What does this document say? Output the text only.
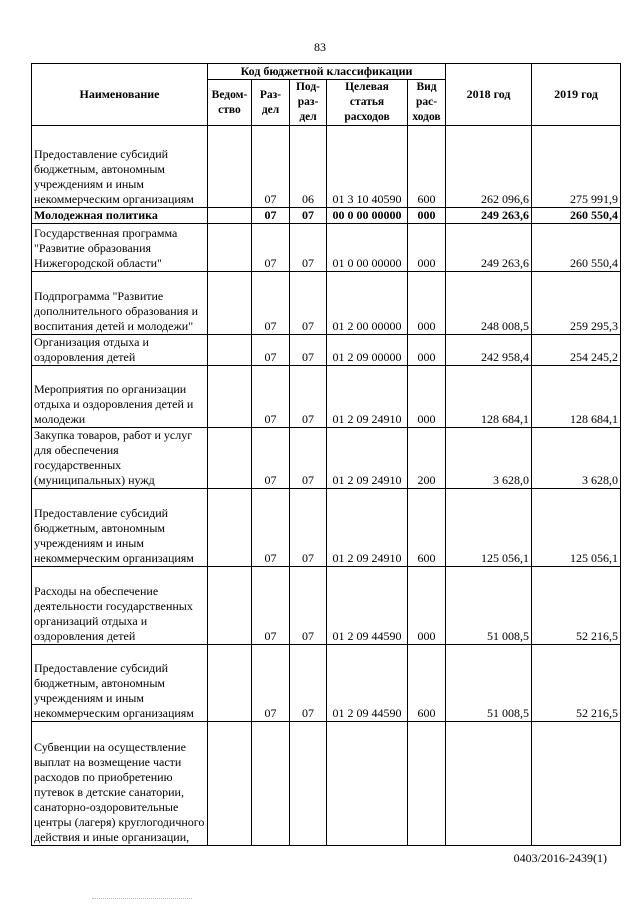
83
Наименование	Код бюджетной классификации					2018 год	2019 год
	Ведом-ство	Раз-дел	Под-раз-дел	Целевая статья расходов	Вид рас-ходов		
Предоставление субсидий бюджетным, автономным учреждениям и иным некоммерческим организациям		07	06	01 3 10 40590	600	262 096,6	275 991,9
Молодежная политика		07	07	00 0 00 00000	000	249 263,6	260 550,4
Государственная программа "Развитие образования Нижегородской области"		07	07	01 0 00 00000	000	249 263,6	260 550,4
Подпрограмма "Развитие дополнительного образования и воспитания детей и молодежи"		07	07	01 2 00 00000	000	248 008,5	259 295,3
Организация отдыха и оздоровления детей		07	07	01 2 09 00000	000	242 958,4	254 245,2
Мероприятия по организации отдыха и оздоровления детей и молодежи		07	07	01 2 09 24910	000	128 684,1	128 684,1
Закупка товаров, работ и услуг для обеспечения государственных (муниципальных) нужд		07	07	01 2 09 24910	200	3 628,0	3 628,0
Предоставление субсидий бюджетным, автономным учреждениям и иным некоммерческим организациям		07	07	01 2 09 24910	600	125 056,1	125 056,1
Расходы на обеспечение деятельности государственных организаций отдыха и оздоровления детей		07	07	01 2 09 44590	000	51 008,5	52 216,5
Предоставление субсидий бюджетным, автономным учреждениям и иным некоммерческим организациям		07	07	01 2 09 44590	600	51 008,5	52 216,5
Субвенции на осуществление выплат на возмещение части расходов по приобретению путевок в детские санатории, санаторно-оздоровительные центры (лагеря) круглогодичного действия и иные организации,							
0403/2016-2439(1)
